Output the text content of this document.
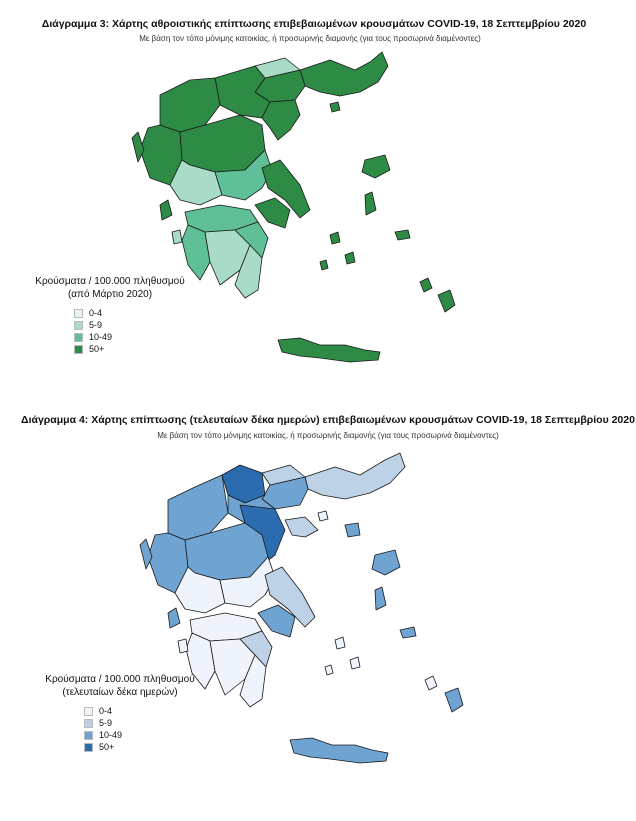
Διάγραμμα 3: Χάρτης αθροιστικής επίπτωσης επιβεβαιωμένων κρουσμάτων COVID-19, 18 Σεπτεμβρίου 2020
Με βάση τον τόπο μόνιμης κατοικίας, ή προσωρινής διαμονής (για τους προσωρινά διαμένοντες)
Κρούσματα / 100.000 πληθυσμού
(από Μάρτιο 2020)
0-4
5-9
10-49
50+
Διάγραμμα 4: Χάρτης επίπτωσης (τελευταίων δέκα ημερών) επιβεβαιωμένων κρουσμάτων COVID-19, 18 Σεπτεμβρίου 2020
Με βάση τον τόπο μόνιμης κατοικίας, ή προσωρινής διαμονής (για τους προσωρινά διαμένοντες)
Κρούσματα / 100.000 πληθυσμού
(τελευταίων δέκα ημερών)
0-4
5-9
10-49
50+
